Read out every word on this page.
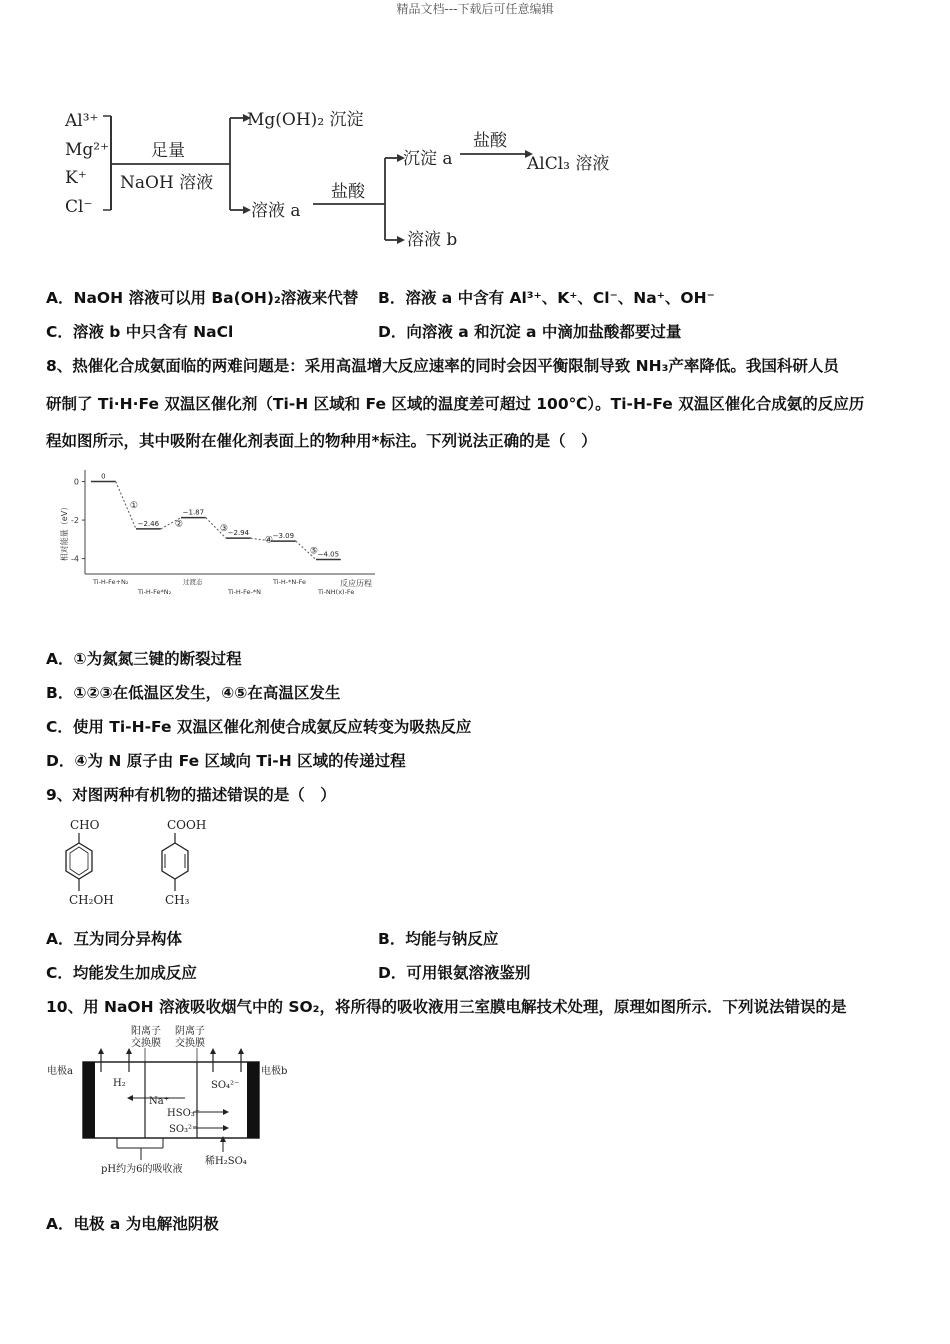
精品文档---下载后可任意编辑
Al³⁺
Mg²⁺
K⁺
Cl⁻
足量
NaOH 溶液
Mg(OH)₂ 沉淀
溶液 a
盐酸
沉淀 a
盐酸
AlCl₃ 溶液
溶液 b
A．NaOH 溶液可以用 Ba(OH)₂溶液来代替 B．溶液 a 中含有 Al³⁺、K⁺、Cl⁻、Na⁺、OH⁻
C．溶液 b 中只含有 NaCl	D．向溶液 a 和沉淀 a 中滴加盐酸都要过量
8、热催化合成氨面临的两难问题是：采用高温增大反应速率的同时会因平衡限制导致 NH₃产率降低。我国科研人员
研制了 Ti·H·Fe 双温区催化剂（Ti-H 区域和 Fe 区域的温度差可超过 100℃）。Ti-H-Fe 双温区催化合成氨的反应历
程如图所示，其中吸附在催化剂表面上的物种用*标注。下列说法正确的是（　）
相对能量（eV）
反应历程
0
-2
-4
0
Ti-H-Fe+N₂
−2.46
Ti-H-Fe*N₂
−1.87
过渡态
−2.94
Ti-H-Fe-*N
−3.09
Ti-H-*N-Fe
−4.05
Ti-NH(x)-Fe
①
②	③
④
⑤
A．①为氮氮三键的断裂过程
B．①②③在低温区发生，④⑤在高温区发生
C．使用 Ti-H-Fe 双温区催化剂使合成氨反应转变为吸热反应
D．④为 N 原子由 Fe 区域向 Ti-H 区域的传递过程
9、对图两种有机物的描述错误的是（　）
CHO
CH₂OH
COOH
CH₃
A．互为同分异构体	B．均能与钠反应
C．均能发生加成反应	D．可用银氨溶液鉴别
10、用 NaOH 溶液吸收烟气中的 SO₂，将所得的吸收液用三室膜电解技术处理，原理如图所示．下列说法错误的是
阳离子
交换膜
阴离子
交换膜
电极a	电极b
H₂
Na⁺
SO₄²⁻
HSO₃⁻
SO₃²⁻
pH约为6的吸收液
稀H₂SO₄
A．电极 a 为电解池阴极
